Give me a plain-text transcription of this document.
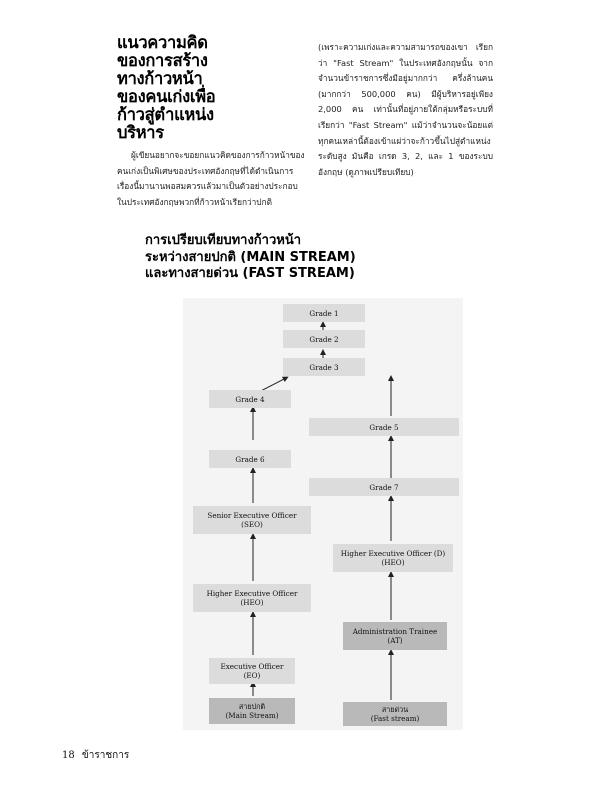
แนวความคิด
ของการสร้าง
ทางก้าวหน้า
ของคนเก่งเพื่อ
ก้าวสู่ตำแหน่ง
บริหาร

ผู้เขียนอยากจะขอยกแนวคิดของการก้าวหน้าของคนเก่งเป็นพิเศษของประเทศอังกฤษที่ได้ดำเนินการเรื่องนี้มานานพอสมควรแล้วมาเป็นตัวอย่างประกอบ ในประเทศอังกฤษพวกที่ก้าวหน้าเรียกว่าปกติ

(เพราะความเก่งและความสามารถของเขา เรียกว่า "Fast Stream" ในประเทศอังกฤษนั้น จากจำนวนข้าราชการซึ่งมีอยู่มากกว่า ครึ่งล้านคน (มากกว่า 500,000 คน) มีผู้บริหารอยู่เพียง 2,000 คน เท่านั้นที่อยู่ภายใต้กลุ่มหรือระบบที่เรียกว่า "Fast Stream" แม้ว่าจำนวนจะน้อยแต่ทุกคนเหล่านี้ต้องเข้าแผ่ว่าจะก้าวขึ้นไปสู่ตำแหน่งระดับสูง มันคือ เกรด 3, 2, และ 1 ของระบบอังกฤษ (ดูภาพเปรียบเทียบ)

การเปรียบเทียบทางก้าวหน้า
ระหว่างสายปกติ (MAIN STREAM)
และทางสายด่วน (FAST STREAM)
Grade 1
Grade 2
Grade 3
Grade 4
Grade 6
Senior Executive Officer
(SEO)
Higher Executive Officer
(HEO)
Executive Officer
(EO)
สายปกติ
(Main Stream)
Grade 5
Grade 7
Higher Executive Officer (D)
(HEO)
Administration Trainee
(AT)
สายด่วน
(Fast stream)
18 ข้าราชการ
